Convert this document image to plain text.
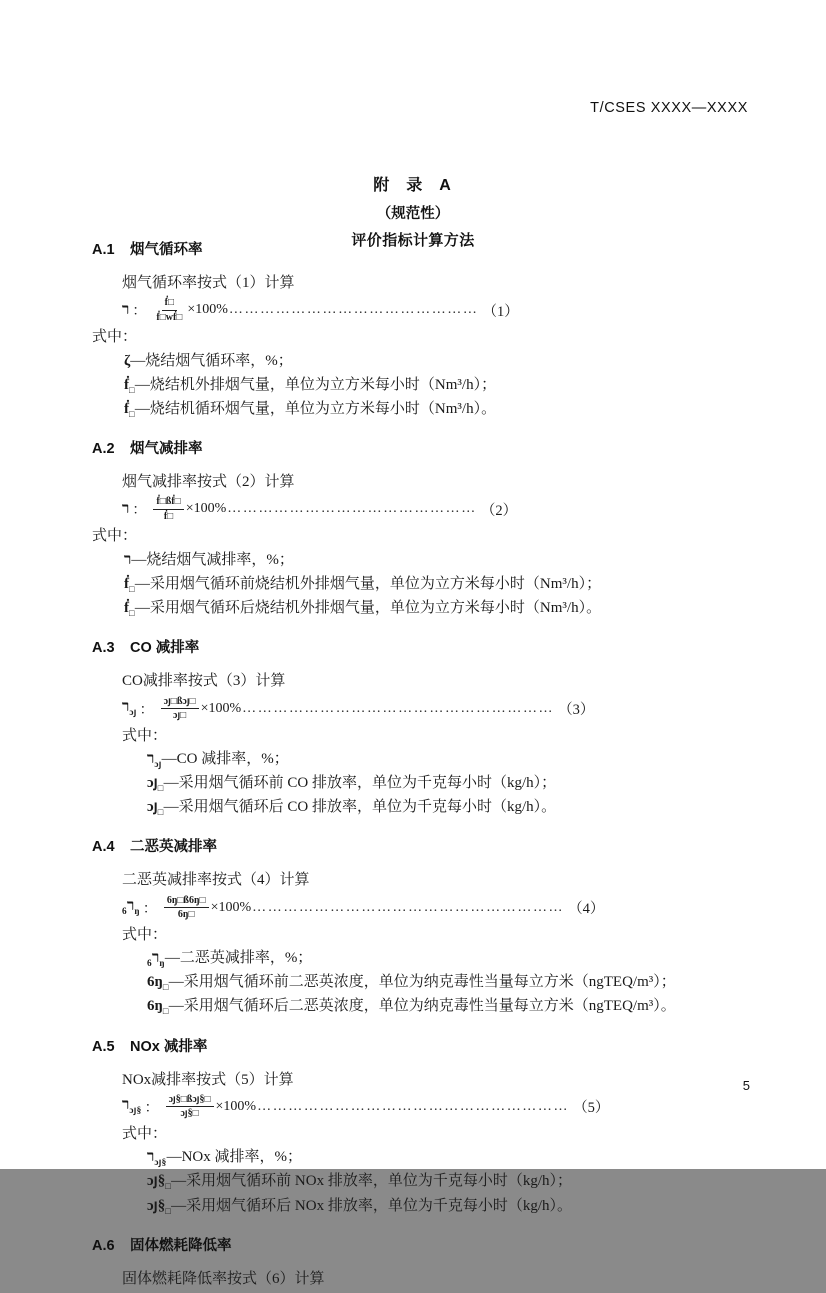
T/CSES XXXX—XXXX
附 录 A
（规范性）
评价指标计算方法
A.1 烟气循环率
烟气循环率按式（1）计算
ﬧ ： $\frac{\text{ḟ□}}{\text{ḟ□wḟ□}} \times 100\%$ ………………………………………… （1）
式中：
ζ—烧结烟气循环率，%；
ḟ$_□$—烧结机外排烟气量，单位为立方米每小时（Nm³/h）；
ḟ$_□$—烧结机循环烟气量，单位为立方米每小时（Nm³/h）。
A.2 烟气减排率
烟气减排率按式（2）计算
ﬧ ： $\frac{\text{ḟ□ßḟ□}}{\text{ḟ□}} \times 100\%$ ………………………………………… （2）
式中：
ﬧ—烧结烟气减排率，%；
ḟ$_□$—采用烟气循环前烧结机外排烟气量，单位为立方米每小时（Nm³/h）；
ḟ$_□$—采用烟气循环后烧结机外排烟气量，单位为立方米每小时（Nm³/h）。
A.3 CO 减排率
CO减排率按式（3）计算
ﬧ$_{ɔյ}$ ： $\frac{\text{ɔյ□ßɔյ□}}{\text{ɔյ□}} \times 100\%$ …………………………………………………… （3）
式中：
ﬧ$_{ɔյ}$—CO 减排率，%；
ɔյ$_□$—采用烟气循环前 CO 排放率，单位为千克每小时（kg/h）；
ɔյ$_□$—采用烟气循环后 CO 排放率，单位为千克每小时（kg/h）。
A.4 二恶英减排率
二恶英减排率按式（4）计算
ﬧ$_{6ŋ}$ ： $\frac{6ŋ□ß6ŋ□}{6ŋ□} \times 100\%$ …………………………………………………… （4）
式中：
ﬧ$_{6ŋ}$—二恶英减排率，%；
$6ŋ_□—$采用烟气循环前二恶英浓度，单位为纳克毒性当量每立方米（ngTEQ/m³）；
$6ŋ_□—$采用烟气循环后二恶英浓度，单位为纳克毒性当量每立方米（ngTEQ/m³）。
A.5 NOx 减排率
NOx减排率按式（5）计算
ﬧ$_{ɔյ\S}$ ： $\frac{\text{ɔյ§□ßɔյ§□}}{\text{ɔյ§□}} \times 100\%$ …………………………………………………… （5）
式中：
ﬧ$_{ɔյ\S}$—NOx 减排率，%；
$ɔյ\S_□—$采用烟气循环前 NOx 排放率，单位为千克每小时（kg/h）；
$ɔյ\S_□—$采用烟气循环后 NOx 排放率，单位为千克每小时（kg/h）。
A.6 固体燃耗降低率
固体燃耗降低率按式（6）计算
5
